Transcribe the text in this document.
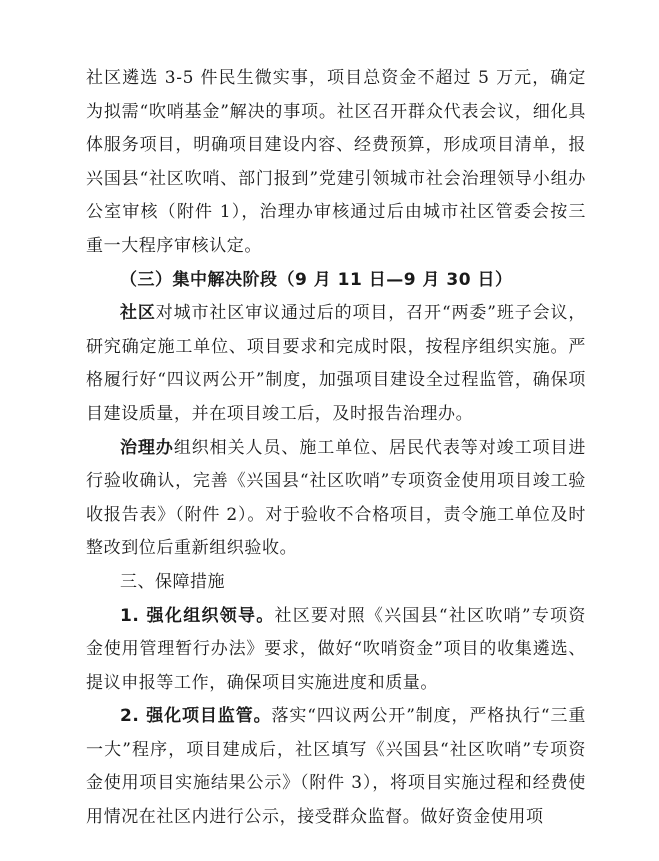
社区遴选 3-5 件民生微实事，项目总资金不超过 5 万元，确定为拟需“吹哨基金”解决的事项。社区召开群众代表会议，细化具体服务项目，明确项目建设内容、经费预算，形成项目清单，报兴国县“社区吹哨、部门报到”党建引领城市社会治理领导小组办公室审核（附件 1），治理办审核通过后由城市社区管委会按三重一大程序审核认定。

（三）集中解决阶段（9 月 11 日—9 月 30 日）

社区对城市社区审议通过后的项目，召开“两委”班子会议，研究确定施工单位、项目要求和完成时限，按程序组织实施。严格履行好“四议两公开”制度，加强项目建设全过程监管，确保项目建设质量，并在项目竣工后，及时报告治理办。

治理办组织相关人员、施工单位、居民代表等对竣工项目进行验收确认，完善《兴国县“社区吹哨”专项资金使用项目竣工验收报告表》（附件 2）。对于验收不合格项目，责令施工单位及时整改到位后重新组织验收。

三、保障措施

1. 强化组织领导。社区要对照《兴国县“社区吹哨”专项资金使用管理暂行办法》要求，做好“吹哨资金”项目的收集遴选、提议申报等工作，确保项目实施进度和质量。

2. 强化项目监管。落实“四议两公开”制度，严格执行“三重一大”程序，项目建成后，社区填写《兴国县“社区吹哨”专项资金使用项目实施结果公示》（附件 3），将项目实施过程和经费使用情况在社区内进行公示，接受群众监督。做好资金使用项
